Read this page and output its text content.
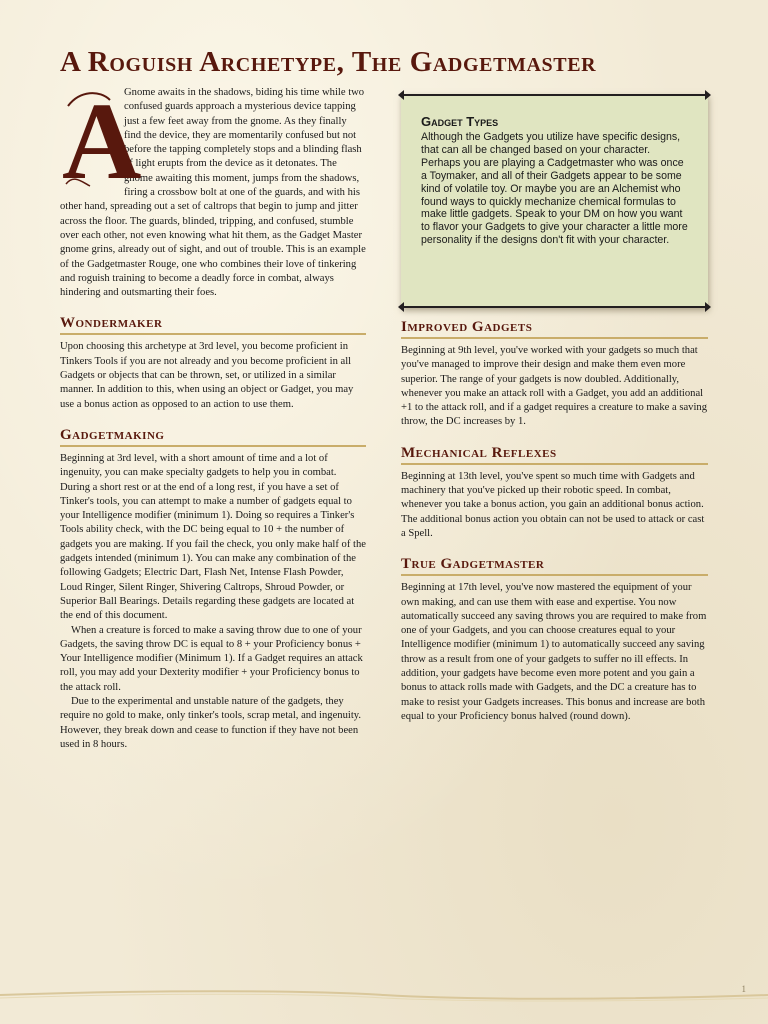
A Roguish Archetype, The Gadgetmaster
A

Gnome awaits in the shadows, biding his time while two confused guards approach a mysterious device tapping just a few feet away from the gnome. As they finally find the device, they are momentarily confused but not before the tapping completely stops and a blinding flash of light erupts from the device as it detonates. The gnome awaiting this moment, jumps from the shadows, firing a crossbow bolt at one of the guards, and with his other hand, spreading out a set of caltrops that begin to jump and jitter across the floor. The guards, blinded, tripping, and confused, stumble over each other, not even knowing what hit them, as the Gadget Master gnome grins, already out of sight, and out of trouble. This is an example of the Gadgetmaster Rouge, one who combines their love of tinkering and roguish training to become a deadly force in combat, always hindering and outsmarting their foes.

Wondermaker

Upon choosing this archetype at 3rd level, you become proficient in Tinkers Tools if you are not already and you become proficient in all Gadgets or objects that can be thrown, set, or utilized in a similar manner. In addition to this, when using an object or Gadget, you may use a bonus action as opposed to an action to use them.

Gadgetmaking

Beginning at 3rd level, with a short amount of time and a lot of ingenuity, you can make specialty gadgets to help you in combat. During a short rest or at the end of a long rest, if you have a set of Tinker's tools, you can attempt to make a number of gadgets equal to your Intelligence modifier (minimum 1). Doing so requires a Tinker's Tools ability check, with the DC being equal to 10 + the number of gadgets you are making. If you fail the check, you only make half of the gadgets intended (minimum 1). You can make any combination of the following Gadgets; Electric Dart, Flash Net, Intense Flash Powder, Loud Ringer, Silent Ringer, Shivering Caltrops, Shroud Powder, or Superior Ball Bearings. Details regarding these gadgets are located at the end of this document.

When a creature is forced to make a saving throw due to one of your Gadgets, the saving throw DC is equal to 8 + your Proficiency bonus + Your Intelligence modifier (Minimum 1). If a Gadget requires an attack roll, you may add your Dexterity modifier + your Proficiency bonus to the attack roll.

Due to the experimental and unstable nature of the gadgets, they require no gold to make, only tinker's tools, scrap metal, and ingenuity. However, they break down and cease to function if they have not been used in 8 hours.

Gadget Types

Although the Gadgets you utilize have specific designs, that can all be changed based on your character. Perhaps you are playing a Cadgetmaster who was once a Toymaker, and all of their Gadgets appear to be some kind of volatile toy. Or maybe you are an Alchemist who found ways to quickly mechanize chemical formulas to make little gadgets. Speak to your DM on how you want to flavor your Gadgets to give your character a little more personality if the designs don't fit with your character.

Improved Gadgets

Beginning at 9th level, you've worked with your gadgets so much that you've managed to improve their design and make them even more superior. The range of your gadgets is now doubled. Additionally, whenever you make an attack roll with a Gadget, you add an additional +1 to the attack roll, and if a gadget requires a creature to make a saving throw, the DC increases by 1.

Mechanical Reflexes

Beginning at 13th level, you've spent so much time with Gadgets and machinery that you've picked up their robotic speed. In combat, whenever you take a bonus action, you gain an additional bonus action. The additional bonus action you obtain can not be used to attack or cast a Spell.

True Gadgetmaster

Beginning at 17th level, you've now mastered the equipment of your own making, and can use them with ease and expertise. You now automatically succeed any saving throws you are required to make from one of your Gadgets, and you can choose creatures equal to your Intelligence modifier (minimum 1) to automatically succeed any saving throw as a result from one of your gadgets to suffer no ill effects. In addition, your gadgets have become even more potent and you gain a bonus to attack rolls made with Gadgets, and the DC a creature has to make to resist your Gadgets increases. This bonus and increase are both equal to your Proficiency bonus halved (round down).

1
